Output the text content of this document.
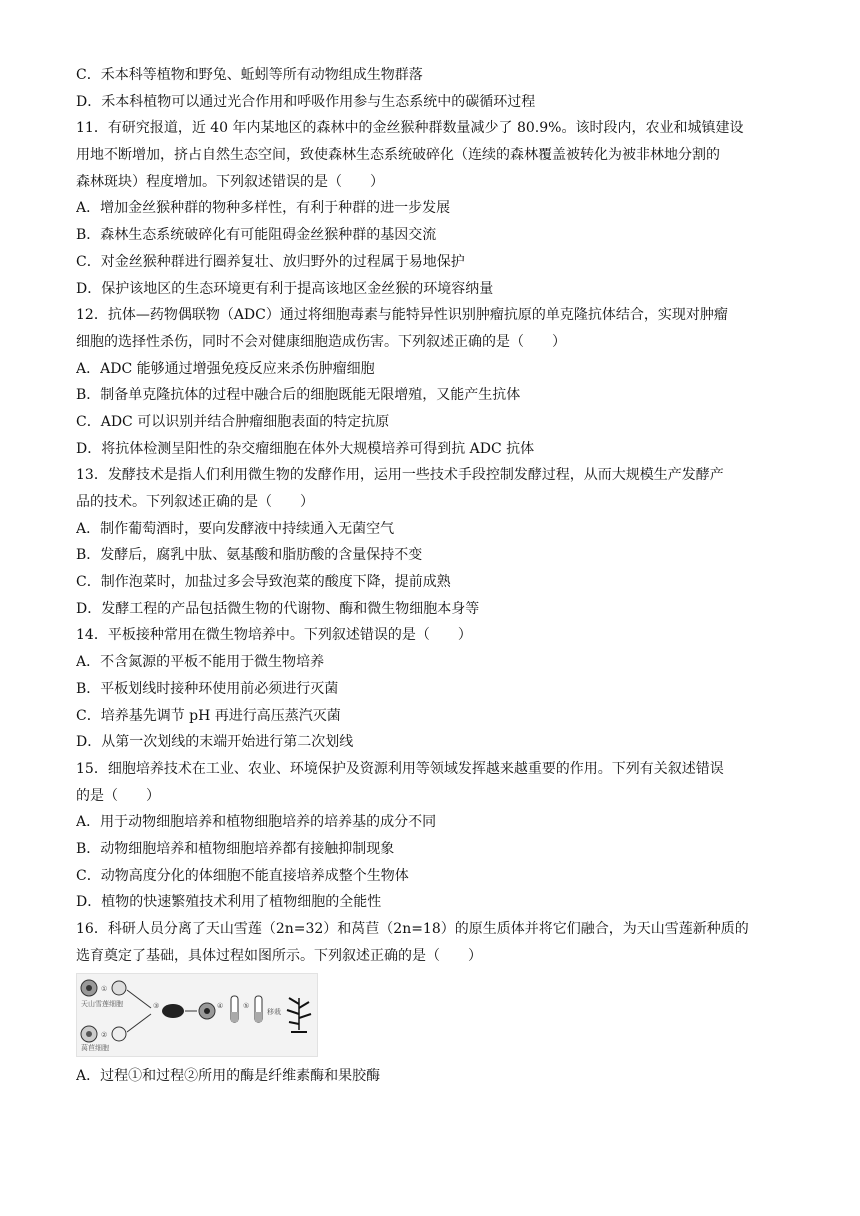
C．禾本科等植物和野兔、蚯蚓等所有动物组成生物群落
D．禾本科植物可以通过光合作用和呼吸作用参与生态系统中的碳循环过程
11．有研究报道，近 40 年内某地区的森林中的金丝猴种群数量减少了 80.9%。该时段内，农业和城镇建设
用地不断增加，挤占自然生态空间，致使森林生态系统破碎化（连续的森林覆盖被转化为被非林地分割的
森林斑块）程度增加。下列叙述错误的是（　　）
A．增加金丝猴种群的物种多样性，有利于种群的进一步发展
B．森林生态系统破碎化有可能阻碍金丝猴种群的基因交流
C．对金丝猴种群进行圈养复壮、放归野外的过程属于易地保护
D．保护该地区的生态环境更有利于提高该地区金丝猴的环境容纳量
12．抗体—药物偶联物（ADC）通过将细胞毒素与能特异性识别肿瘤抗原的单克隆抗体结合，实现对肿瘤
细胞的选择性杀伤，同时不会对健康细胞造成伤害。下列叙述正确的是（　　）
A．ADC 能够通过增强免疫反应来杀伤肿瘤细胞
B．制备单克隆抗体的过程中融合后的细胞既能无限增殖，又能产生抗体
C．ADC 可以识别并结合肿瘤细胞表面的特定抗原
D．将抗体检测呈阳性的杂交瘤细胞在体外大规模培养可得到抗 ADC 抗体
13．发酵技术是指人们利用微生物的发酵作用，运用一些技术手段控制发酵过程，从而大规模生产发酵产
品的技术。下列叙述正确的是（　　）
A．制作葡萄酒时，要向发酵液中持续通入无菌空气
B．发酵后，腐乳中肽、氨基酸和脂肪酸的含量保持不变
C．制作泡菜时，加盐过多会导致泡菜的酸度下降，提前成熟
D．发酵工程的产品包括微生物的代谢物、酶和微生物细胞本身等
14．平板接种常用在微生物培养中。下列叙述错误的是（　　）
A．不含氮源的平板不能用于微生物培养
B．平板划线时接种环使用前必须进行灭菌
C．培养基先调节 pH 再进行高压蒸汽灭菌
D．从第一次划线的末端开始进行第二次划线
15．细胞培养技术在工业、农业、环境保护及资源利用等领域发挥越来越重要的作用。下列有关叙述错误
的是（　　）
A．用于动物细胞培养和植物细胞培养的培养基的成分不同
B．动物细胞培养和植物细胞培养都有接触抑制现象
C．动物高度分化的体细胞不能直接培养成整个生物体
D．植物的快速繁殖技术利用了植物细胞的全能性
16．科研人员分离了天山雪莲（2n=32）和莴苣（2n=18）的原生质体并将它们融合，为天山雪莲新种质的
选育奠定了基础，具体过程如图所示。下列叙述正确的是（　　）
①
天山雪莲细胞
②
莴苣细胞
③	④	⑤
移栽
A．过程①和过程②所用的酶是纤维素酶和果胶酶
